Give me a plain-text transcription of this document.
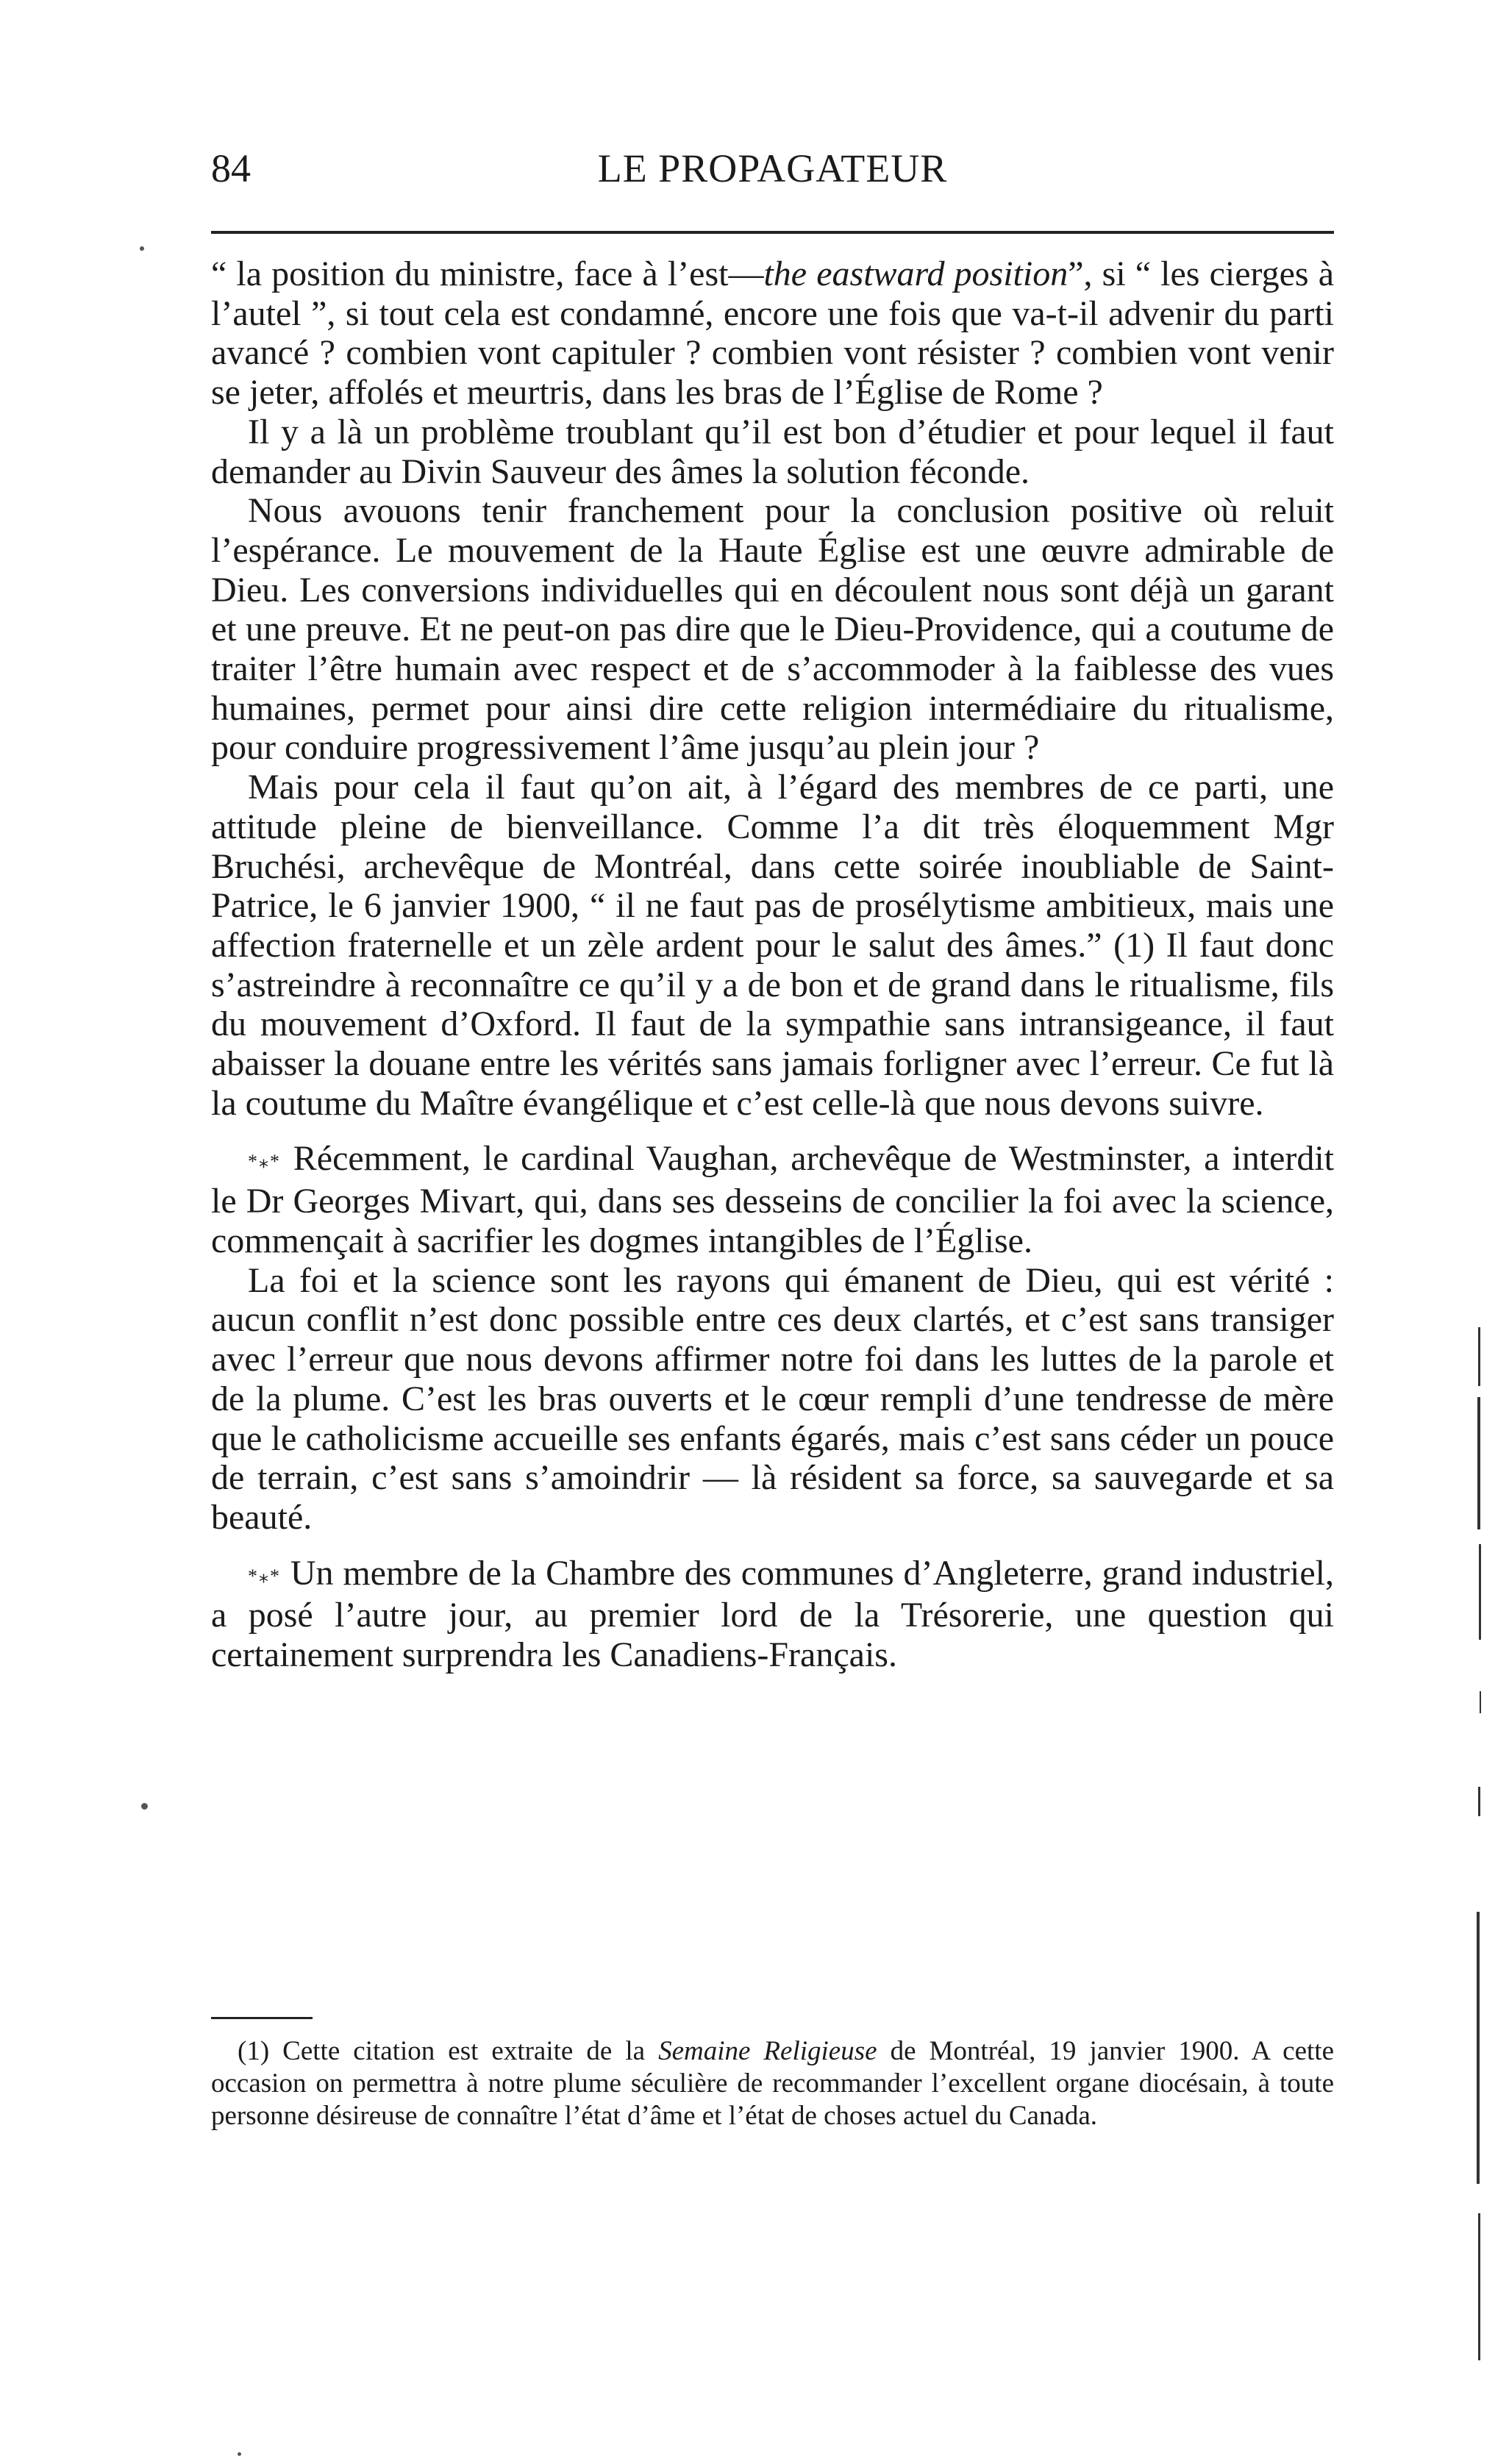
84	LE PROPAGATEUR

“ la position du ministre, face à l’est—the eastward position”, si “ les cierges à l’autel ”, si tout cela est condamné, encore une fois que va-t-il advenir du parti avancé ? combien vont capituler ? combien vont résister ? combien vont venir se jeter, affolés et meurtris, dans les bras de l’Église de Rome ?

Il y a là un problème troublant qu’il est bon d’étudier et pour lequel il faut demander au Divin Sauveur des âmes la solution féconde.

Nous avouons tenir franchement pour la conclusion positive où reluit l’espérance. Le mouvement de la Haute Église est une œuvre admirable de Dieu. Les conversions individuelles qui en découlent nous sont déjà un garant et une preuve. Et ne peut-on pas dire que le Dieu-Providence, qui a coutume de traiter l’être humain avec respect et de s’accommoder à la faiblesse des vues humaines, permet pour ainsi dire cette religion intermédiaire du ritualisme, pour conduire progressivement l’âme jusqu’au plein jour ?

Mais pour cela il faut qu’on ait, à l’égard des membres de ce parti, une attitude pleine de bienveillance. Comme l’a dit très éloquemment Mgr Bruchési, archevêque de Montréal, dans cette soirée inoubliable de Saint-Patrice, le 6 janvier 1900, “ il ne faut pas de prosélytisme ambitieux, mais une affection fraternelle et un zèle ardent pour le salut des âmes.” (1) Il faut donc s’astreindre à reconnaître ce qu’il y a de bon et de grand dans le ritualisme, fils du mouvement d’Oxford. Il faut de la sympathie sans intransigeance, il faut abaisser la douane entre les vérités sans jamais forligner avec l’erreur. Ce fut là la coutume du Maître évangélique et c’est celle-là que nous devons suivre.

*⁎* Récemment, le cardinal Vaughan, archevêque de Westminster, a interdit le Dr Georges Mivart, qui, dans ses desseins de concilier la foi avec la science, commençait à sacrifier les dogmes intangibles de l’Église.

La foi et la science sont les rayons qui émanent de Dieu, qui est vérité : aucun conflit n’est donc possible entre ces deux clartés, et c’est sans transiger avec l’erreur que nous devons affirmer notre foi dans les luttes de la parole et de la plume. C’est les bras ouverts et le cœur rempli d’une tendresse de mère que le catholicisme accueille ses enfants égarés, mais c’est sans céder un pouce de terrain, c’est sans s’amoindrir — là résident sa force, sa sauvegarde et sa beauté.

*⁎* Un membre de la Chambre des communes d’Angleterre, grand industriel, a posé l’autre jour, au premier lord de la Trésorerie, une question qui certainement surprendra les Canadiens-Français.

(1) Cette citation est extraite de la Semaine Religieuse de Montréal, 19 janvier 1900. A cette occasion on permettra à notre plume séculière de recommander l’excellent organe diocésain, à toute personne désireuse de connaître l’état d’âme et l’état de choses actuel du Canada.
